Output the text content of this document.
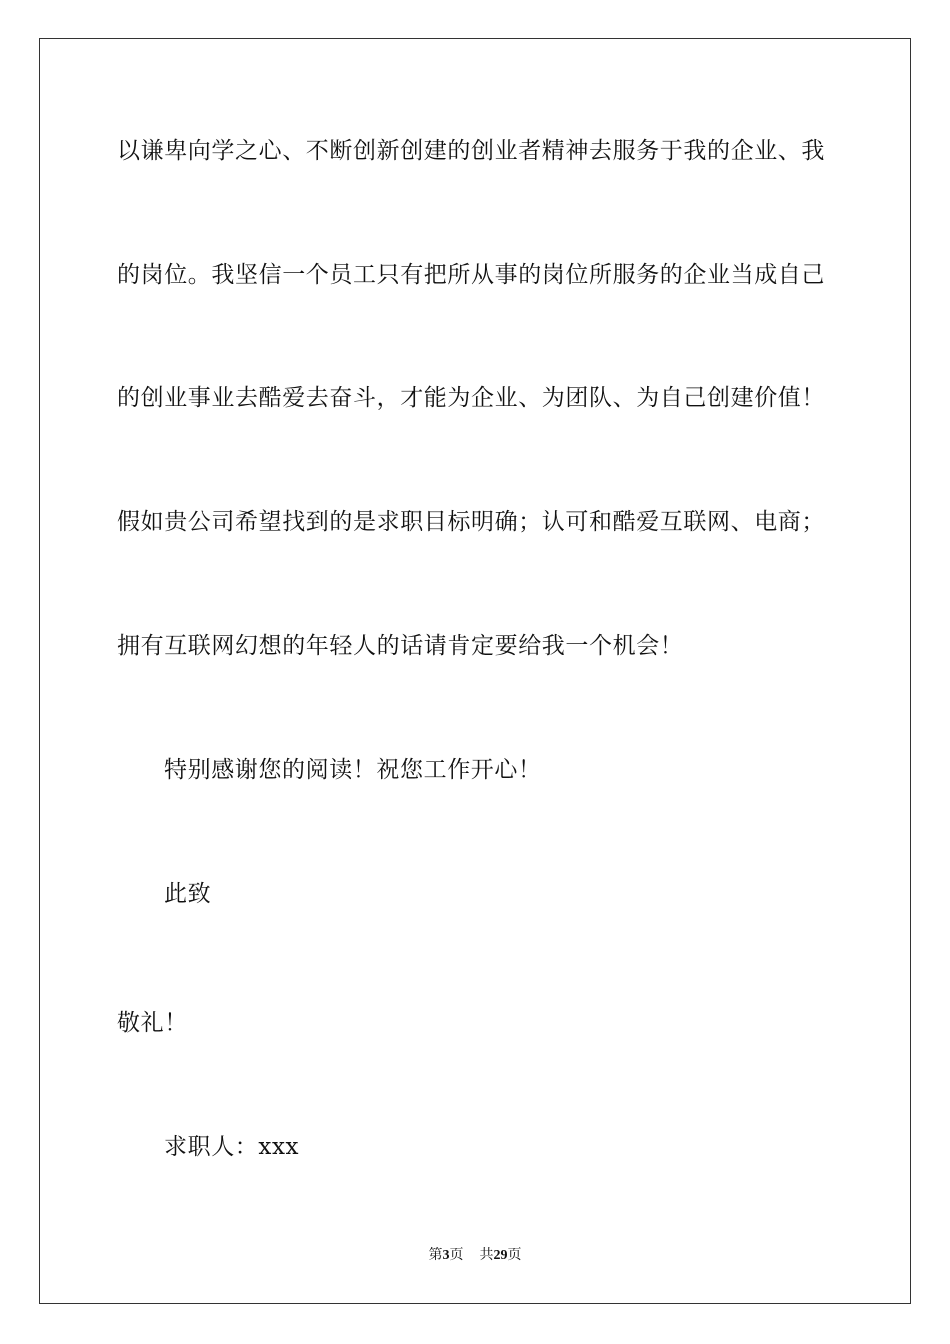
以谦卑向学之心、不断创新创建的创业者精神去服务于我的企业、我
的岗位。我坚信一个员工只有把所从事的岗位所服务的企业当成自己
的创业事业去酷爱去奋斗，才能为企业、为团队、为自己创建价值！
假如贵公司希望找到的是求职目标明确；认可和酷爱互联网、电商；
拥有互联网幻想的年轻人的话请肯定要给我一个机会！
特别感谢您的阅读！祝您工作开心！
此致
敬礼！
求职人：xxx
第3页 共29页
